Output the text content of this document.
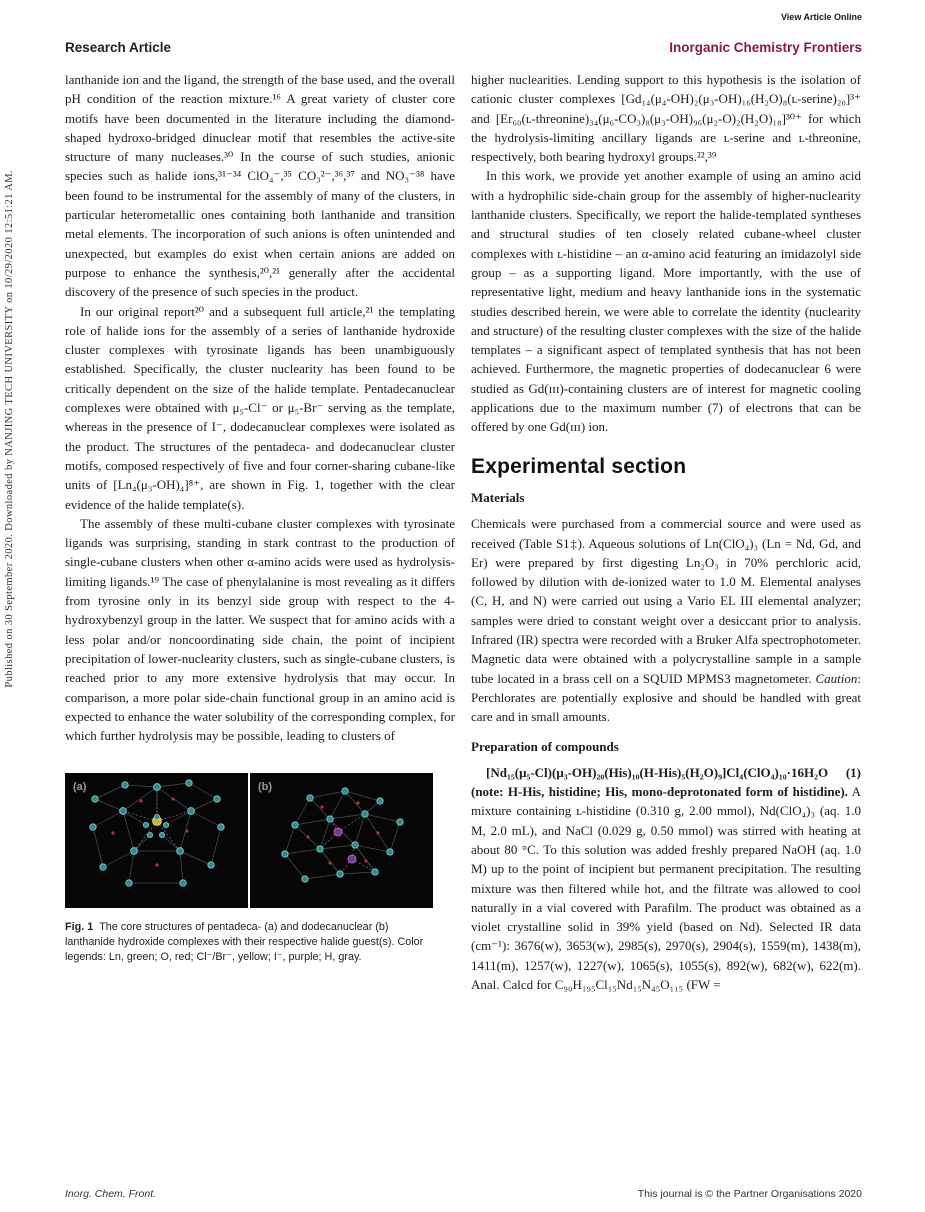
Published on 30 September 2020. Downloaded by NANJING TECH UNIVERSITY on 10/29/2020 12:51:21 AM.
View Article Online
Research Article	Inorganic Chemistry Frontiers

lanthanide ion and the ligand, the strength of the base used, and the overall pH condition of the reaction mixture.¹⁶ A great variety of cluster core motifs have been documented in the literature including the diamond-shaped hydroxo-bridged dinuclear motif that resembles the active-site structure of many nucleases.³⁰ In the course of such studies, anionic species such as halide ions,³¹⁻³⁴ ClO₄⁻,³⁵ CO₃²⁻,³⁶,³⁷ and NO₃⁻³⁸ have been found to be instrumental for the assembly of many of the clusters, in particular heterometallic ones containing both lanthanide and transition metal elements. The incorporation of such anions is often unintended and unexpected, but examples do exist when certain anions are added on purpose to enhance the synthesis,²⁰,²¹ generally after the accidental discovery of the presence of such species in the product.

In our original report²⁰ and a subsequent full article,²¹ the templating role of halide ions for the assembly of a series of lanthanide hydroxide cluster complexes with tyrosinate ligands has been unambiguously established. Specifically, the cluster nuclearity has been found to be critically dependent on the size of the halide template. Pentadecanuclear complexes were obtained with μ₅-Cl⁻ or μ₅-Br⁻ serving as the template, whereas in the presence of I⁻, dodecanuclear complexes were isolated as the product. The structures of the pentadeca- and dodecanuclear cluster motifs, composed respectively of five and four corner-sharing cubane-like units of [Ln₄(μ₃-OH)₄]⁸⁺, are shown in Fig. 1, together with the clear evidence of the halide template(s).

The assembly of these multi-cubane cluster complexes with tyrosinate ligands was surprising, standing in stark contrast to the production of single-cubane clusters when other α-amino acids were used as hydrolysis-limiting ligands.¹⁹ The case of phenylalanine is most revealing as it differs from tyrosine only in its benzyl side group with respect to the 4-hydroxybenzyl group in the latter. We suspect that for amino acids with a less polar and/or noncoordinating side chain, the point of incipient precipitation of lower-nuclearity clusters, such as single-cubane clusters, is reached prior to any more extensive hydrolysis that may occur. In comparison, a more polar side-chain functional group in an amino acid is expected to enhance the water solubility of the corresponding complex, for which further hydrolysis may be possible, leading to clusters of

(a)	(b)
Fig. 1 The core structures of pentadeca- (a) and dodecanuclear (b) lanthanide hydroxide complexes with their respective halide guest(s). Color legends: Ln, green; O, red; Cl⁻/Br⁻, yellow; I⁻, purple; H, gray.

higher nuclearities. Lending support to this hypothesis is the isolation of cationic cluster complexes [Gd₁₄(μ₄-OH)₂(μ₃-OH)₁₆(H₂O)₈(ʟ-serine)₂₀]³⁺ and [Er₆₀(ʟ-threonine)₃₄(μ₆-CO₃)₈(μ₃-OH)₉₆(μ₂-O)₂(H₂O)₁₈]³⁰⁺ for which the hydrolysis-limiting ancillary ligands are ʟ-serine and ʟ-threonine, respectively, both bearing hydroxyl groups.²²,³⁹

In this work, we provide yet another example of using an amino acid with a hydrophilic side-chain group for the assembly of higher-nuclearity lanthanide clusters. Specifically, we report the halide-templated syntheses and structural studies of ten closely related cubane-wheel cluster complexes with ʟ-histidine – an α-amino acid featuring an imidazolyl side group – as a supporting ligand. More importantly, with the use of representative light, medium and heavy lanthanide ions in the systematic studies described herein, we were able to correlate the identity (nuclearity and structure) of the resulting cluster complexes with the size of the halide templates – a significant aspect of templated synthesis that has not been achieved. Furthermore, the magnetic properties of dodecanuclear 6 were studied as Gd(ɪɪɪ)-containing clusters are of interest for magnetic cooling applications due to the maximum number (7) of electrons that can be offered by one Gd(ɪɪɪ) ion.

Experimental section
Materials

Chemicals were purchased from a commercial source and were used as received (Table S1‡). Aqueous solutions of Ln(ClO₄)₃ (Ln = Nd, Gd, and Er) were prepared by first digesting Ln₂O₃ in 70% perchloric acid, followed by dilution with de-ionized water to 1.0 M. Elemental analyses (C, H, and N) were carried out using a Vario EL III elemental analyzer; samples were dried to constant weight over a desiccant prior to analysis. Infrared (IR) spectra were recorded with a Bruker Alfa spectrophotometer. Magnetic data were obtained with a polycrystalline sample in a sample tube located in a brass cell on a SQUID MPMS3 magnetometer. Caution: Perchlorates are potentially explosive and should be handled with great care and in small amounts.

Preparation of compounds

[Nd₁₅(μ₅-Cl)(μ₃-OH)₂₀(His)₁₀(H-His)₅(H₂O)₉]Cl₄(ClO₄)₁₀·16H₂O (1) (note: H-His, histidine; His, mono-deprotonated form of histidine). A mixture containing ʟ-histidine (0.310 g, 2.00 mmol), Nd(ClO₄)₃ (aq. 1.0 M, 2.0 mL), and NaCl (0.029 g, 0.50 mmol) was stirred with heating at about 80 °C. To this solution was added freshly prepared NaOH (aq. 1.0 M) up to the point of incipient but permanent precipitation. The resulting mixture was then filtered while hot, and the filtrate was allowed to cool naturally in a vial covered with Parafilm. The product was obtained as a violet crystalline solid in 39% yield (based on Nd). Selected IR data (cm⁻¹): 3676(w), 3653(w), 2985(s), 2970(s), 2904(s), 1559(m), 1438(m), 1411(m), 1257(w), 1227(w), 1065(s), 1055(s), 892(w), 682(w), 622(m). Anal. Calcd for C₉₀H₁₉₅Cl₁₅Nd₁₅N₄₅O₁₁₅ (FW =

Inorg. Chem. Front.	This journal is © the Partner Organisations 2020
